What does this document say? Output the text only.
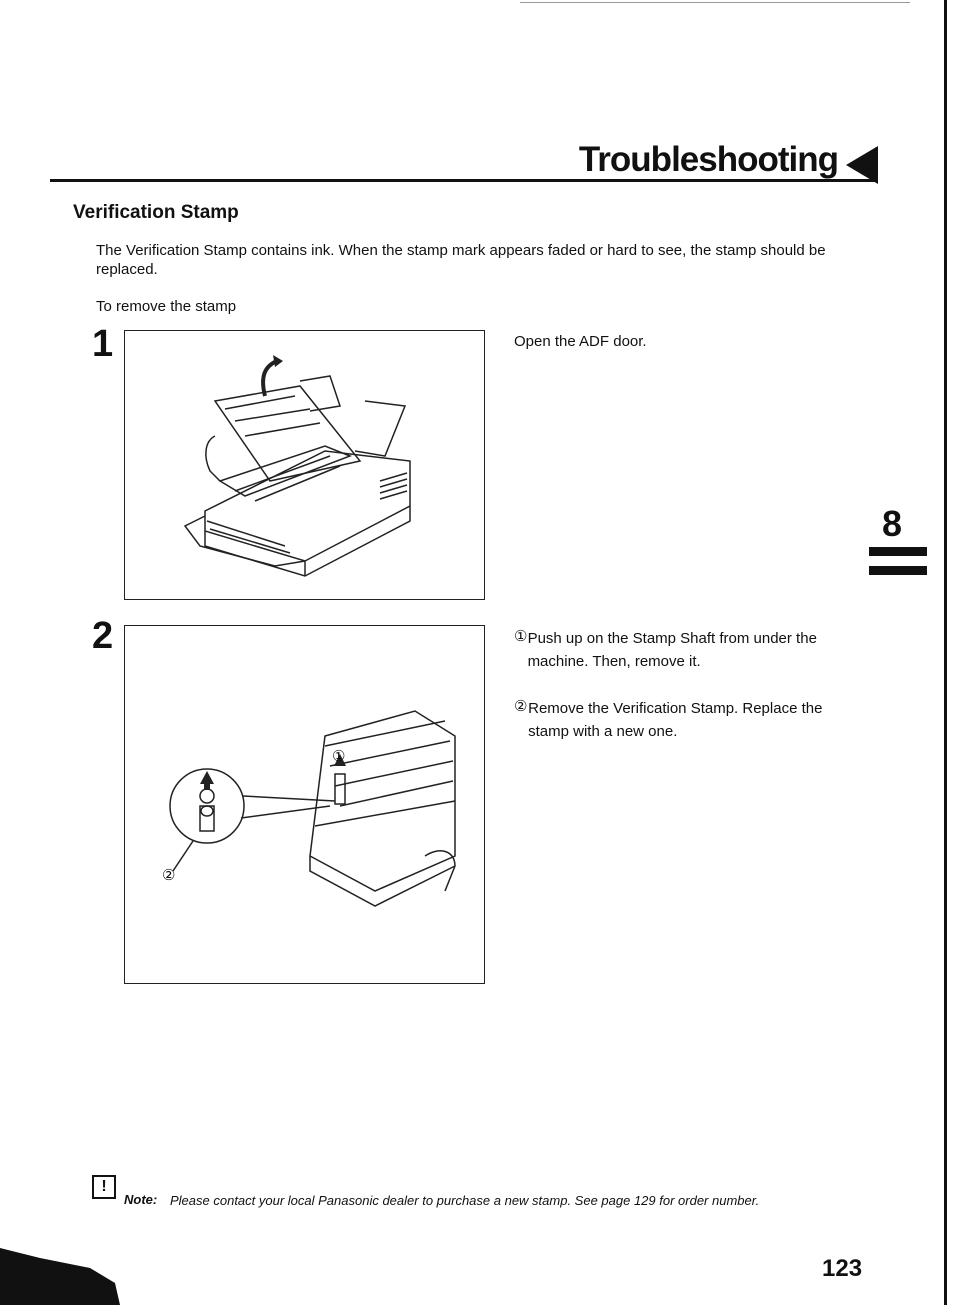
Troubleshooting
Verification Stamp
The Verification Stamp contains ink. When the stamp mark appears faded or hard to see, the stamp should be replaced.
To remove the stamp
1	Open the ADF door.
2
①
②
① Push up on the Stamp Shaft from under the machine. Then, remove it.
② Remove the Verification Stamp. Replace the stamp with a new one.
8
!
Note: Please contact your local Panasonic dealer to purchase a new stamp. See page 129 for order number.
123
